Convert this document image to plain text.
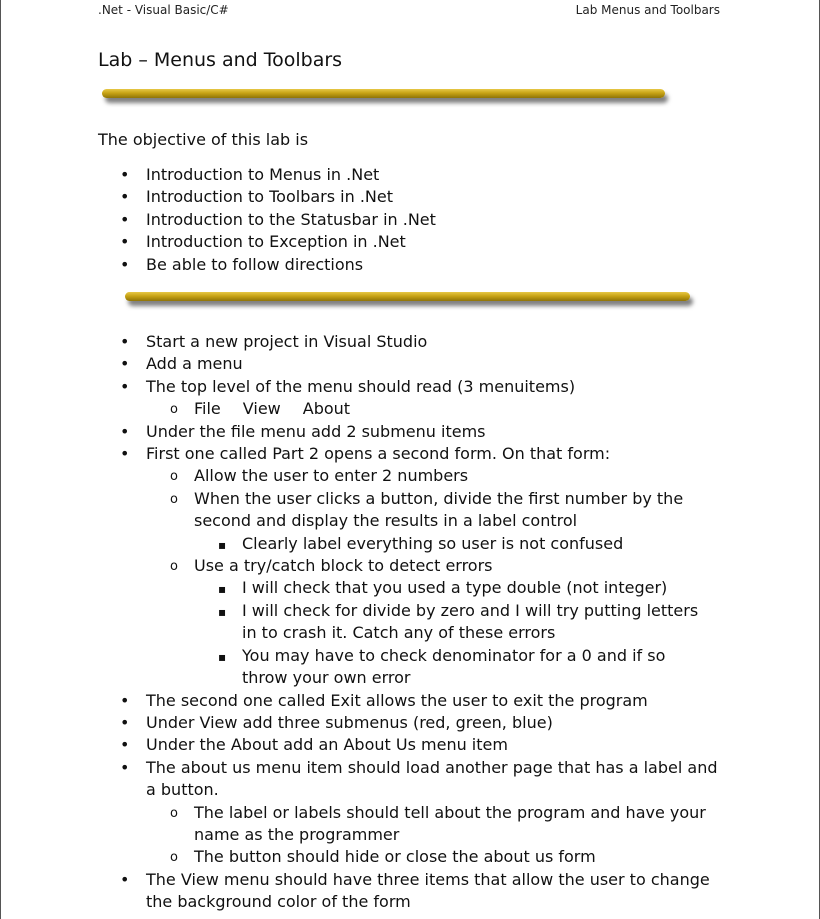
.Net - Visual Basic/C#	Lab Menus and Toolbars
Lab – Menus and Toolbars
The objective of this lab is
• Introduction to Menus in .Net
• Introduction to Toolbars in .Net
• Introduction to the Statusbar in .Net
• Introduction to Exception in .Net
• Be able to follow directions
• Start a new project in Visual Studio
• Add a menu
• The top level of the menu should read (3 menuitems)
o File View About
• Under the file menu add 2 submenu items
• First one called Part 2 opens a second form. On that form:
o Allow the user to enter 2 numbers
o When the user clicks a button, divide the first number by the second and display the results in a label control
▪ Clearly label everything so user is not confused
o Use a try/catch block to detect errors
▪ I will check that you used a type double (not integer)
▪ I will check for divide by zero and I will try putting letters in to crash it. Catch any of these errors
▪ You may have to check denominator for a 0 and if so throw your own error
• The second one called Exit allows the user to exit the program
• Under View add three submenus (red, green, blue)
• Under the About add an About Us menu item
• The about us menu item should load another page that has a label and a button.
o The label or labels should tell about the program and have your name as the programmer
o The button should hide or close the about us form
• The View menu should have three items that allow the user to change the background color of the form
